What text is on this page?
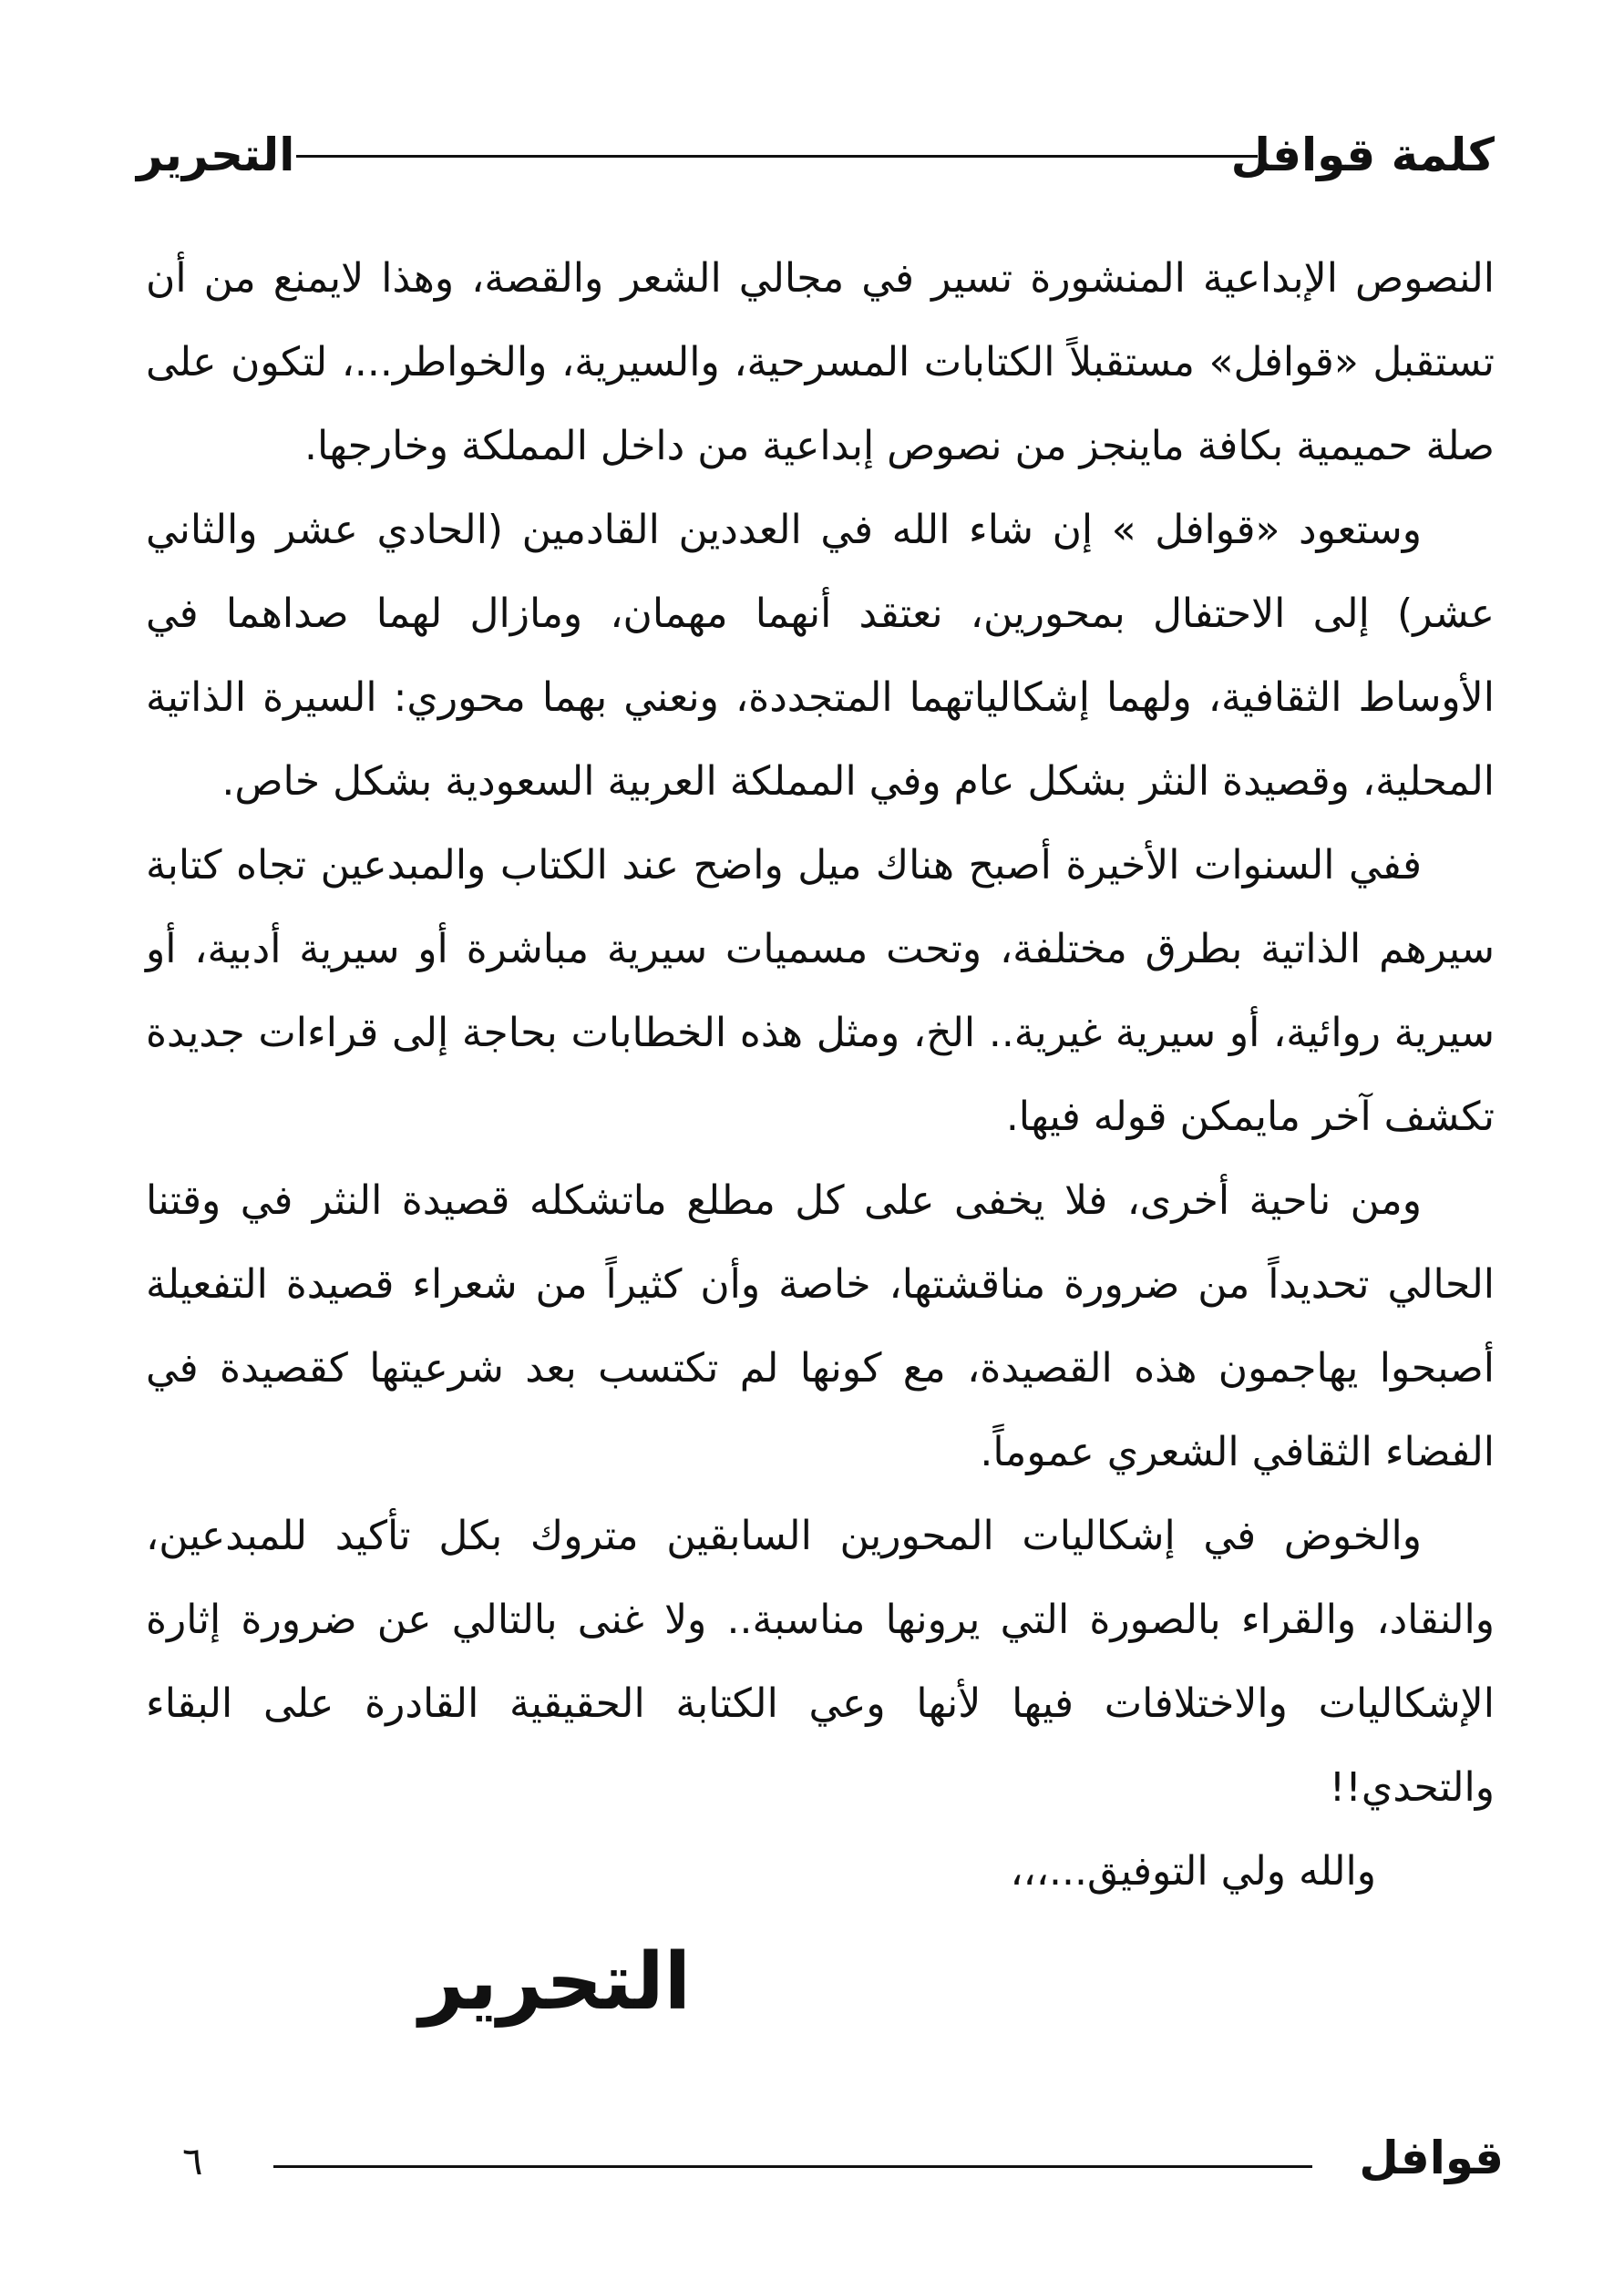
كلمة قوافل
التحرير

النصوص الإبداعية المنشورة تسير في مجالي الشعر والقصة، وهذا لايمنع من أن تستقبل «قوافل» مستقبلاً الكتابات المسرحية، والسيرية، والخواطر...، لتكون على صلة حميمية بكافة ماينجز من نصوص إبداعية من داخل المملكة وخارجها.

وستعود «قوافل » إن شاء الله في العددين القادمين (الحادي عشر والثاني عشر) إلى الاحتفال بمحورين، نعتقد أنهما مهمان، ومازال لهما صداهما في الأوساط الثقافية، ولهما إشكالياتهما المتجددة، ونعني بهما محوري: السيرة الذاتية المحلية، وقصيدة النثر بشكل عام وفي المملكة العربية السعودية بشكل خاص.

ففي السنوات الأخيرة أصبح هناك ميل واضح عند الكتاب والمبدعين تجاه كتابة سيرهم الذاتية بطرق مختلفة، وتحت مسميات سيرية مباشرة أو سيرية أدبية، أو سيرية روائية، أو سيرية غيرية.. الخ، ومثل هذه الخطابات بحاجة إلى قراءات جديدة تكشف آخر مايمكن قوله فيها.

ومن ناحية أخرى، فلا يخفى على كل مطلع ماتشكله قصيدة النثر في وقتنا الحالي تحديداً من ضرورة مناقشتها، خاصة وأن كثيراً من شعراء قصيدة التفعيلة أصبحوا يهاجمون هذه القصيدة، مع كونها لم تكتسب بعد شرعيتها كقصيدة في الفضاء الثقافي الشعري عموماً.

والخوض في إشكاليات المحورين السابقين متروك بكل تأكيد للمبدعين، والنقاد، والقراء بالصورة التي يرونها مناسبة.. ولا غنى بالتالي عن ضرورة إثارة الإشكاليات والاختلافات فيها لأنها وعي الكتابة الحقيقية القادرة على البقاء والتحدي!!

والله ولي التوفيق...،،،

التحرير
قوافل
٦
